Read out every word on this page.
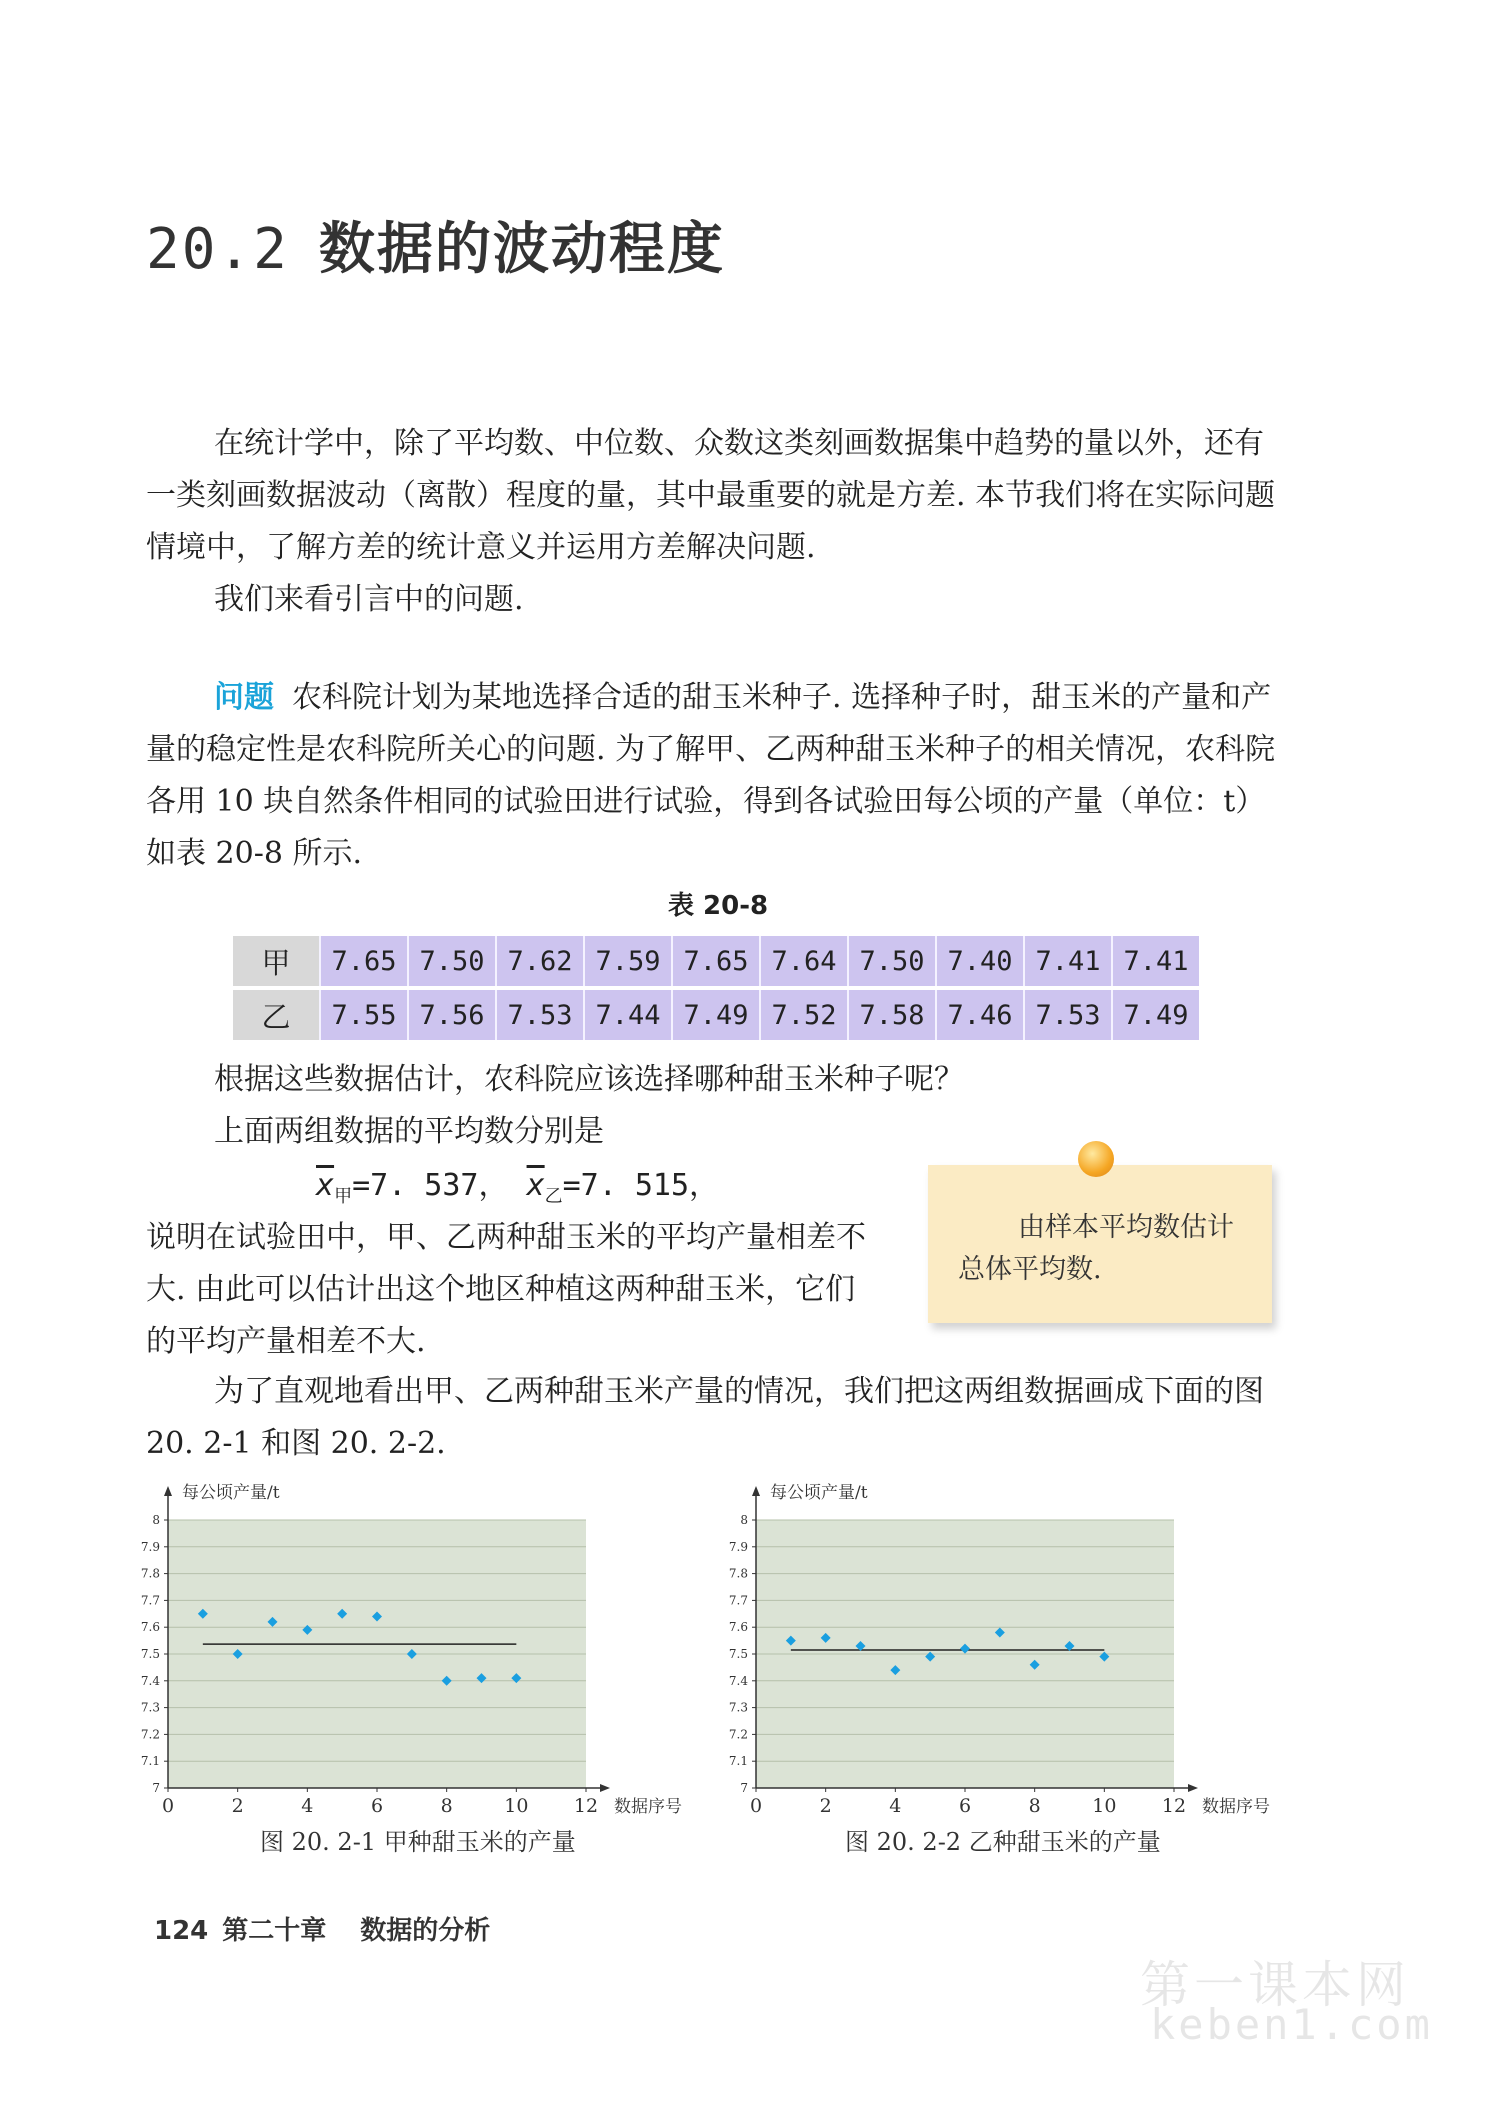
20.2 数据的波动程度

在统计学中，除了平均数、中位数、众数这类刻画数据集中趋势的量以外，还有一类刻画数据波动（离散）程度的量，其中最重要的就是方差. 本节我们将在实际问题情境中，了解方差的统计意义并运用方差解决问题.

我们来看引言中的问题.

问题 农科院计划为某地选择合适的甜玉米种子. 选择种子时，甜玉米的产量和产量的稳定性是农科院所关心的问题. 为了解甲、乙两种甜玉米种子的相关情况，农科院各用 10 块自然条件相同的试验田进行试验，得到各试验田每公顷的产量（单位：t）如表 20-8 所示.

表 20-8
甲	7.65	7.50	7.62	7.59	7.65	7.64	7.50	7.40	7.41	7.41
乙	7.55	7.56	7.53	7.44	7.49	7.52	7.58	7.46	7.53	7.49

根据这些数据估计，农科院应该选择哪种甜玉米种子呢？

上面两组数据的平均数分别是

$\overline{x}_甲=7$. 537， $\overline{x}_乙=7$. 515，

说明在试验田中，甲、乙两种甜玉米的平均产量相差不大. 由此可以估计出这个地区种植这两种甜玉米，它们的平均产量相差不大.

由样本平均数估计总体平均数.

为了直观地看出甲、乙两种甜玉米产量的情况，我们把这两组数据画成下面的图 20. 2-1 和图 20. 2-2.

7
7.1
7.2
7.3
7.4
7.5
7.6
7.7
7.8
7.9
8
0	2	4	6	8	10 12
每公顷产量/t
数据序号
7
7.1
7.2
7.3
7.4
7.5
7.6
7.7
7.8
7.9
8
0	2	4	6	8	10 12
每公顷产量/t
数据序号
图 20. 2-1 甲种甜玉米的产量	图 20. 2-2 乙种甜玉米的产量
124 第二十章 数据的分析
第一课本网
keben1.com
